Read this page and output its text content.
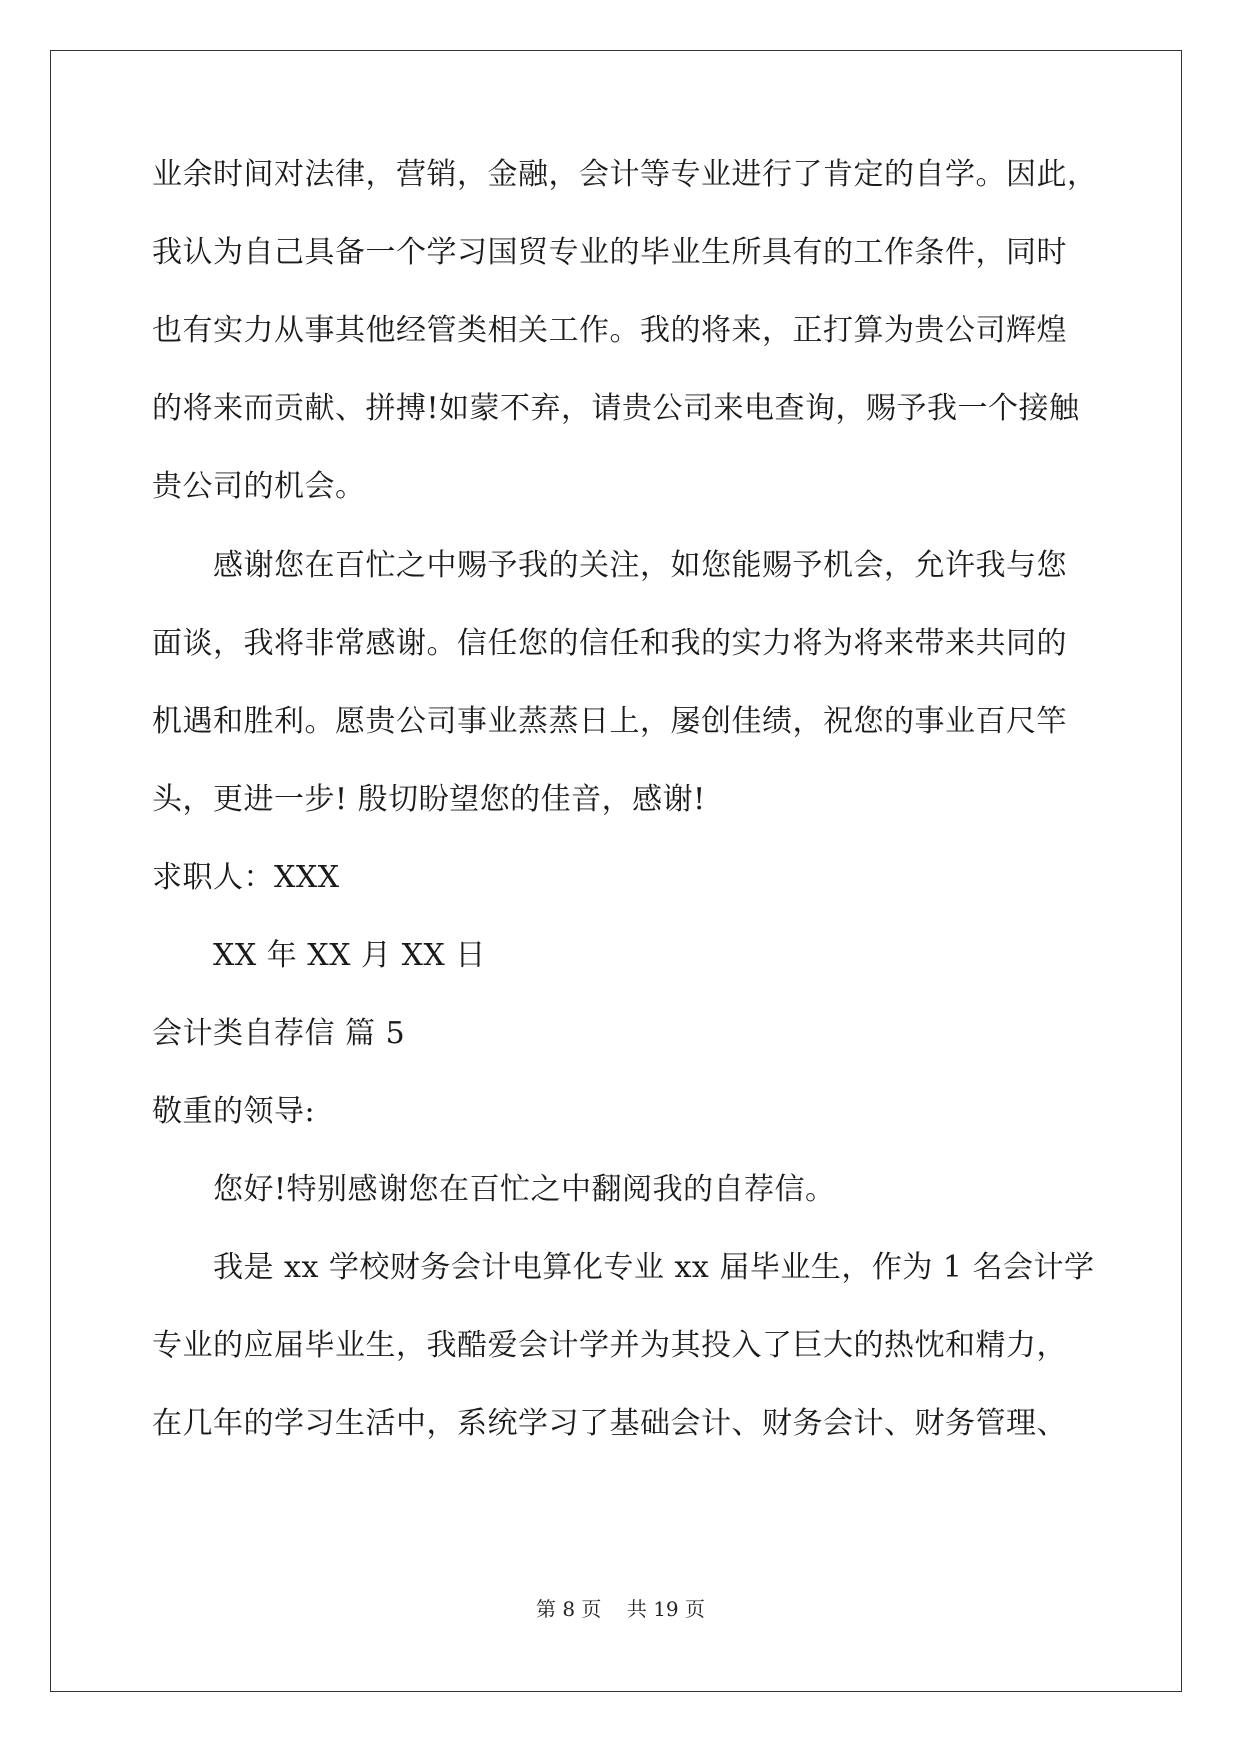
业余时间对法律，营销，金融，会计等专业进行了肯定的自学。因此，
我认为自己具备一个学习国贸专业的毕业生所具有的工作条件，同时
也有实力从事其他经管类相关工作。我的将来，正打算为贵公司辉煌
的将来而贡献、拼搏!如蒙不弃，请贵公司来电查询，赐予我一个接触
贵公司的机会。
感谢您在百忙之中赐予我的关注，如您能赐予机会，允许我与您
面谈，我将非常感谢。信任您的信任和我的实力将为将来带来共同的
机遇和胜利。愿贵公司事业蒸蒸日上，屡创佳绩，祝您的事业百尺竿
头，更进一步! 殷切盼望您的佳音，感谢!
求职人：XXX
XX 年 XX 月 XX 日
会计类自荐信 篇 5
敬重的领导:
您好!特别感谢您在百忙之中翻阅我的自荐信。
我是 xx 学校财务会计电算化专业 xx 届毕业生，作为 1 名会计学
专业的应届毕业生，我酷爱会计学并为其投入了巨大的热忱和精力，
在几年的学习生活中，系统学习了基础会计、财务会计、财务管理、
第 8 页    共 19 页
